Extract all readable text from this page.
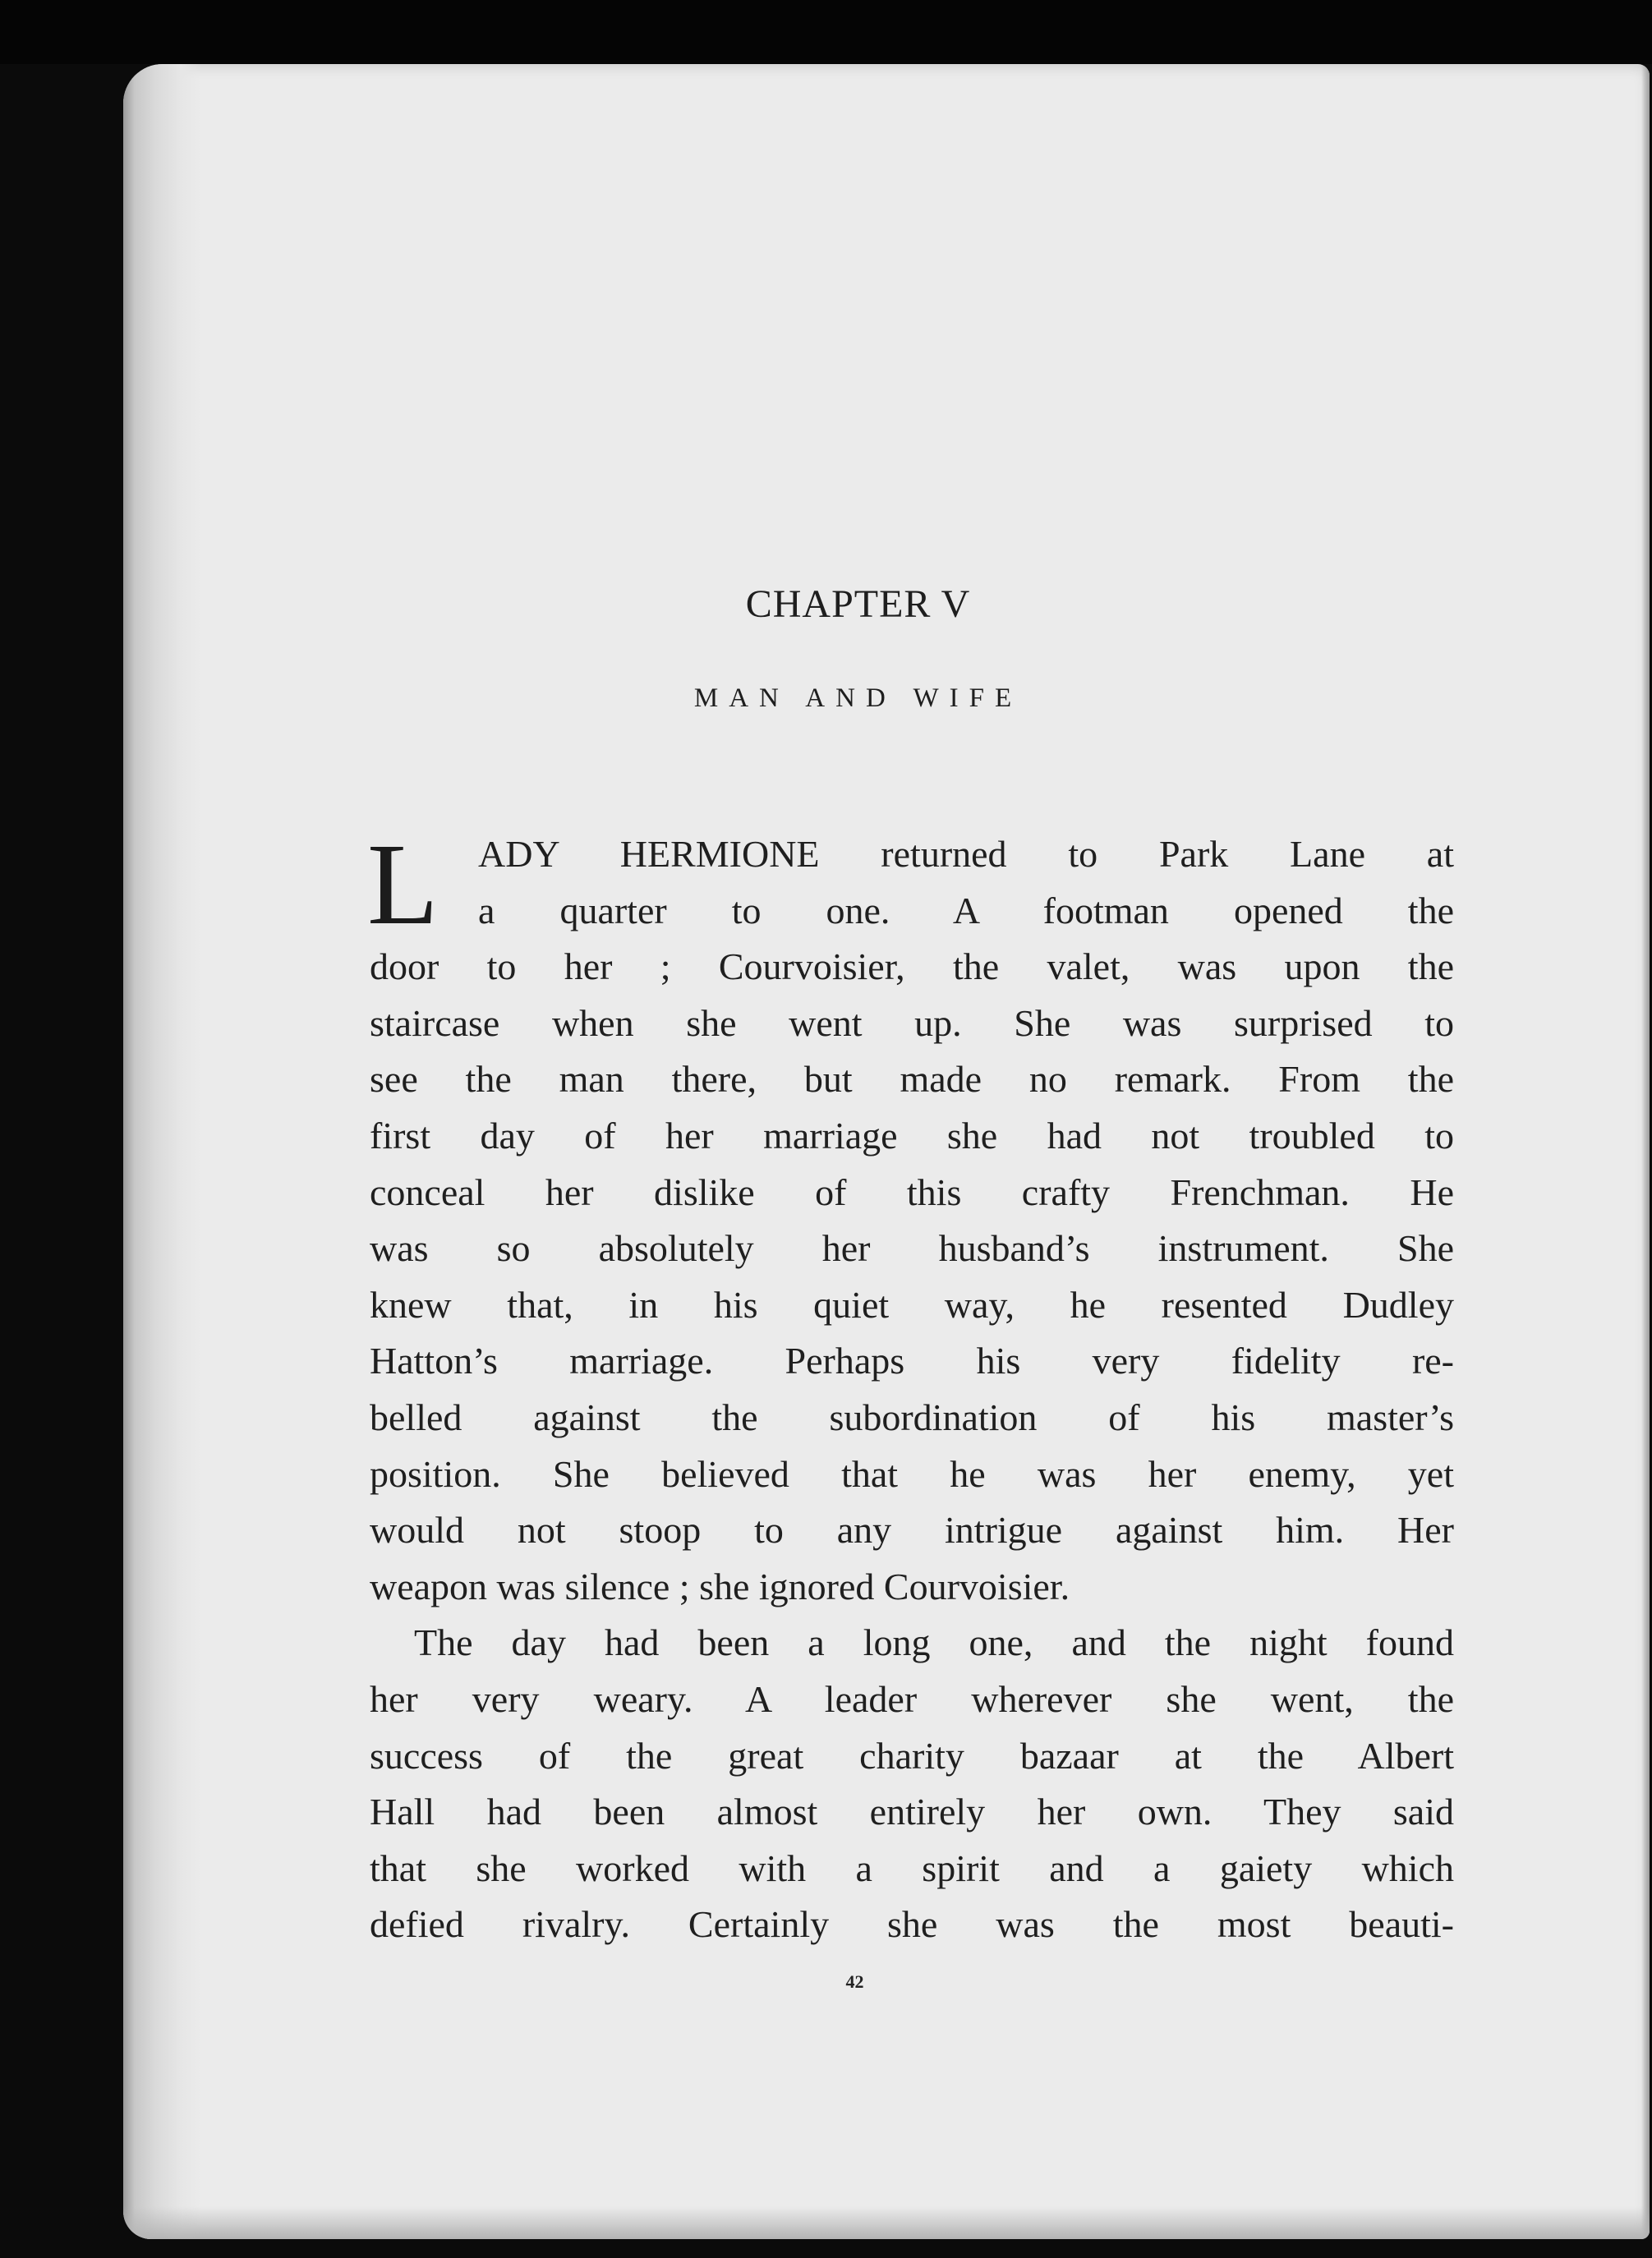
CHAPTER V
MAN AND WIFE
L	ADY HERMIONE returned to Park Lane at
a quarter to one. A footman opened the
door to her ; Courvoisier, the valet, was upon the
staircase when she went up. She was surprised to
see the man there, but made no remark. From the
first day of her marriage she had not troubled to
conceal her dislike of this crafty Frenchman. He
was so absolutely her husband’s instrument. She
knew that, in his quiet way, he resented Dudley
Hatton’s marriage. Perhaps his very fidelity re-
belled against the subordination of his master’s
position. She believed that he was her enemy, yet
would not stoop to any intrigue against him. Her
weapon was silence ; she ignored Courvoisier.
The day had been a long one, and the night found
her very weary. A leader wherever she went, the
success of the great charity bazaar at the Albert
Hall had been almost entirely her own. They said
that she worked with a spirit and a gaiety which
defied rivalry. Certainly she was the most beauti-
42
